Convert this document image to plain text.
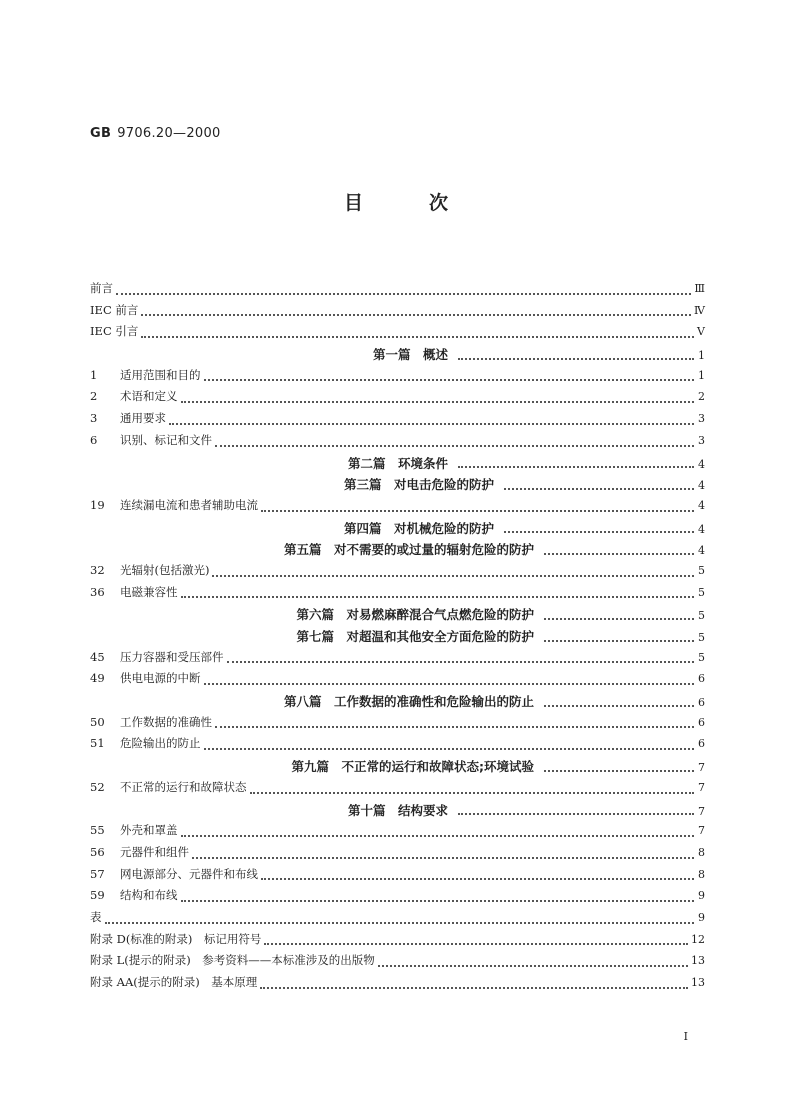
GB 9706.20—2000
目	次
前言	Ⅲ
IEC 前言	Ⅳ
IEC 引言	Ⅴ
第一篇　概述	1
1	适用范围和目的	1
2	术语和定义	2
3	通用要求	3
6	识别、标记和文件	3
第二篇　环境条件	4
第三篇　对电击危险的防护	4
19	连续漏电流和患者辅助电流	4
第四篇　对机械危险的防护	4
第五篇　对不需要的或过量的辐射危险的防护	4
32	光辐射(包括激光)	5
36	电磁兼容性	5
第六篇　对易燃麻醉混合气点燃危险的防护	5
第七篇　对超温和其他安全方面危险的防护	5
45	压力容器和受压部件	5
49	供电电源的中断	6
第八篇　工作数据的准确性和危险输出的防止	6
50	工作数据的准确性	6
51	危险输出的防止	6
第九篇　不正常的运行和故障状态;环境试验	7
52	不正常的运行和故障状态	7
第十篇　结构要求	7
55	外壳和罩盖	7
56	元器件和组件	8
57	网电源部分、元器件和布线	8
59	结构和布线	9
表	9
附录 D(标准的附录)　标记用符号	12
附录 L(提示的附录)　参考资料——本标准涉及的出版物	13
附录 AA(提示的附录)　基本原理	13
I
